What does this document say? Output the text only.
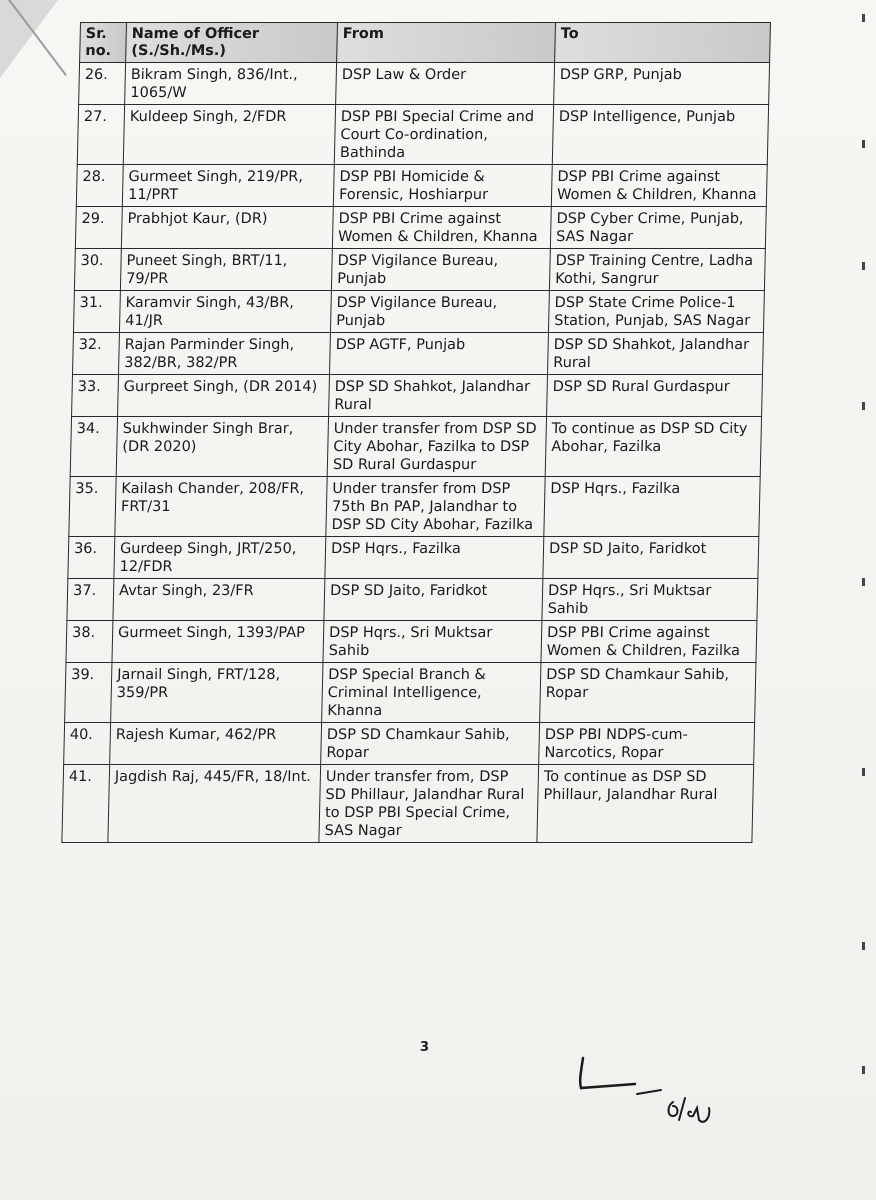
Sr. no.	Name of Officer (S./Sh./Ms.)	From	To
26.	Bikram Singh, 836/Int., 1065/W	DSP Law & Order	DSP GRP, Punjab
27.	Kuldeep Singh, 2/FDR	DSP PBI Special Crime and Court Co-ordination, Bathinda	DSP Intelligence, Punjab
28.	Gurmeet Singh, 219/PR, 11/PRT	DSP PBI Homicide & Forensic, Hoshiarpur	DSP PBI Crime against Women & Children, Khanna
29.	Prabhjot Kaur, (DR)	DSP PBI Crime against Women & Children, Khanna	DSP Cyber Crime, Punjab, SAS Nagar
30.	Puneet Singh, BRT/11, 79/PR	DSP Vigilance Bureau, Punjab	DSP Training Centre, Ladha Kothi, Sangrur
31.	Karamvir Singh, 43/BR, 41/JR	DSP Vigilance Bureau, Punjab	DSP State Crime Police-1 Station, Punjab, SAS Nagar
32.	Rajan Parminder Singh, 382/BR, 382/PR	DSP AGTF, Punjab	DSP SD Shahkot, Jalandhar Rural
33.	Gurpreet Singh, (DR 2014)	DSP SD Shahkot, Jalandhar Rural	DSP SD Rural Gurdaspur
34.	Sukhwinder Singh Brar, (DR 2020)	Under transfer from DSP SD City Abohar, Fazilka to DSP SD Rural Gurdaspur	To continue as DSP SD City Abohar, Fazilka
35.	Kailash Chander, 208/FR, FRT/31	Under transfer from DSP 75th Bn PAP, Jalandhar to DSP SD City Abohar, Fazilka	DSP Hqrs., Fazilka
36.	Gurdeep Singh, JRT/250, 12/FDR	DSP Hqrs., Fazilka	DSP SD Jaito, Faridkot
37.	Avtar Singh, 23/FR	DSP SD Jaito, Faridkot	DSP Hqrs., Sri Muktsar Sahib
38.	Gurmeet Singh, 1393/PAP	DSP Hqrs., Sri Muktsar Sahib	DSP PBI Crime against Women & Children, Fazilka
39.	Jarnail Singh, FRT/128, 359/PR	DSP Special Branch & Criminal Intelligence, Khanna	DSP SD Chamkaur Sahib, Ropar
40.	Rajesh Kumar, 462/PR	DSP SD Chamkaur Sahib, Ropar	DSP PBI NDPS-cum-Narcotics, Ropar
41.	Jagdish Raj, 445/FR, 18/Int.	Under transfer from, DSP SD Phillaur, Jalandhar Rural to DSP PBI Special Crime, SAS Nagar	To continue as DSP SD Phillaur, Jalandhar Rural
3
